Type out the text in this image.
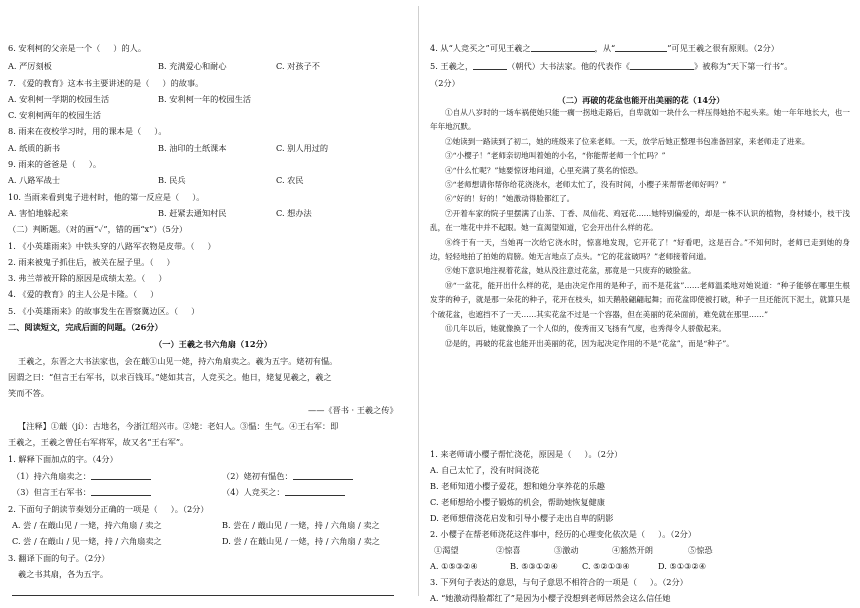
6. 安利柯的父亲是一个（     ）的人。
A. 严厉刻板	B. 充满爱心和耐心	C. 对孩子不
7. 《爱的教育》这本书主要讲述的是（     ）的故事。
A. 安利柯一学期的校园生活	B. 安利柯一年的校园生活
C. 安利柯两年的校园生活
8. 雨来在夜校学习时，用的课本是（     ）。
A. 纸质的新书	B. 油印的土纸课本	C. 别人用过的
9. 雨来的爸爸是（     ）。
A. 八路军战士	B. 民兵	C. 农民
10. 当雨来看到鬼子进村时，他的第一反应是（     ）。
A. 害怕地躲起来	B. 赶紧去通知村民	C. 想办法
（二）判断题。（对的画“✓”，错的画“x”）（5分）
1. 《小英雄雨来》中铁头穿的八路军衣物是皮带。（     ）
2. 雨来被鬼子抓住后，被关在屋子里。（     ）
3. 弗兰蒂被开除的原因是成绩太差。（     ）
4. 《爱的教育》的主人公是卡隆。（     ）
5. 《小英雄雨来》的故事发生在晋察冀边区。（     ）
二、阅读短文，完成后面的问题。（26分）
（一）王羲之书六角扇（12分）
王羲之，东晋之大书法家也，会在蕺①山见一姥，持六角扇卖之。羲为五字。姥初有愠。
因谓之曰：“但言王右军书，以求百钱耳。”姥如其言，人竞买之。他日，姥复见羲之，羲之
笑而不答。
——《晋书 · 王羲之传》
【注释】①蕺（jí）：古地名，今浙江绍兴市。②姥：老妇人。③愠：生气。④王右军：即
王羲之，王羲之曾任右军将军，故又名“王右军”。
1. 解释下面加点的字。（4分）
（1）持六角扇卖之：	（2）姥初有愠色：
（3）但言王右军书：	（4）人竞买之：
2. 下面句子朗读节奏划分正确的一项是（     ）。（2分）
A. 尝 / 在蕺山见 / 一姥，持六角扇 / 卖之	B. 尝在 / 蕺山见 / 一姥，持 / 六角扇 / 卖之
C. 尝 / 在蕺山 / 见一姥，持 / 六角扇卖之	D. 尝 / 在蕺山见 / 一姥，持 / 六角扇 / 卖之
3. 翻译下面的句子。（2分）
羲之书其扇，各为五字。
4. 从“人竞买之”可见王羲之	，从“	”可见王羲之很有原则。（2分）
5. 王羲之，	（朝代）大书法家。他的代表作《	》被称为“天下第一行书”。
（2分）
（二）再破的花盆也能开出美丽的花（14分）
①自从八岁时的一场车祸使她只能一瘸一拐地走路后，自卑就如一块什么一样压得她抬不起头来。她一年年地长大，也一年年地沉默。
②她读到一路读到了初二，她的班级来了位来老师。一天，放学后她正整理书包准备回家，来老师走了进来。
③“小樱子！”老师亲切地叫着她的小名，“你能帮老师一个忙吗？”
④“什么忙呢？”她要惊讶地问道，心里充满了莫名的惊恐。
⑤“老师想请你帮你给花浇浇水，老师太忙了，没有时间，小樱子来帮帮老师好吗？”
⑥“好的！好的！”她激动得脸都红了。
⑦开着车家的院子里摆满了山茶、丁香、凤仙花、鸡冠花……她特别偏爱的，却是一株不认识的植物，身材矮小，枝干浅乱，在一堆花中并不起眼。她一直渴望知道，它会开出什么样的花。
⑧终于有一天，当她再一次给它浇水时，惊喜地发现，它开花了！“好看吧，这是百合。”不知何时，老师已走到她的身边，轻轻地拍了拍她的肩膀。她无言地点了点头。“它的花盆破吗？”老师接着问道。
⑨她下意识地注视着花盆，她从没注意过花盆，那竟是一只废弃的破脸盆。
⑩“一盆花，能开出什么样的花，是由决定作用的是种子，而不是花盆”……老师温柔地对她说道：“种子能够在哪里生根发芽的种子，就是那一朵花的种子，花开在枝头，如天鹅般翩翩起舞；而花盆即使被打破，种子一旦还能沉下泥土，就算只是个破花盆，也遮挡不了一天……其实花盆不过是一个容器，但在美丽的花朵面前，难免就在那里……”
⑪几年以后，她就像换了一个人似的，俊秀而又飞扬有气度，也秀得令人骄傲起来。
⑫是的，再破的花盆也能开出美丽的花，因为起决定作用的不是“花盆”，而是“种子”。
1. 来老师请小樱子帮忙浇花，原因是（     ）。（2分）
A. 自己太忙了，没有时间浇花
B. 老师知道小樱子爱花，想和她分享养花的乐趣
C. 老师想给小樱子锻炼的机会，帮助她恢复健康
D. 老师想借浇花启发和引导小樱子走出自卑的阴影
2. 小樱子在帮老师浇花这件事中，经历的心理变化依次是（     ）。（2分）
①渴望	②惊喜	③激动	④豁然开朗	⑤惊恐
A. ①⑤③②④	B. ⑤③①②④	C. ⑤②①③④	D. ⑤①③②④
3. 下列句子表达的意思，与句子意思不相符合的一项是（     ）。（2分）
A. “她激动得脸都红了”是因为小樱子没想到老师居然会这么信任她
